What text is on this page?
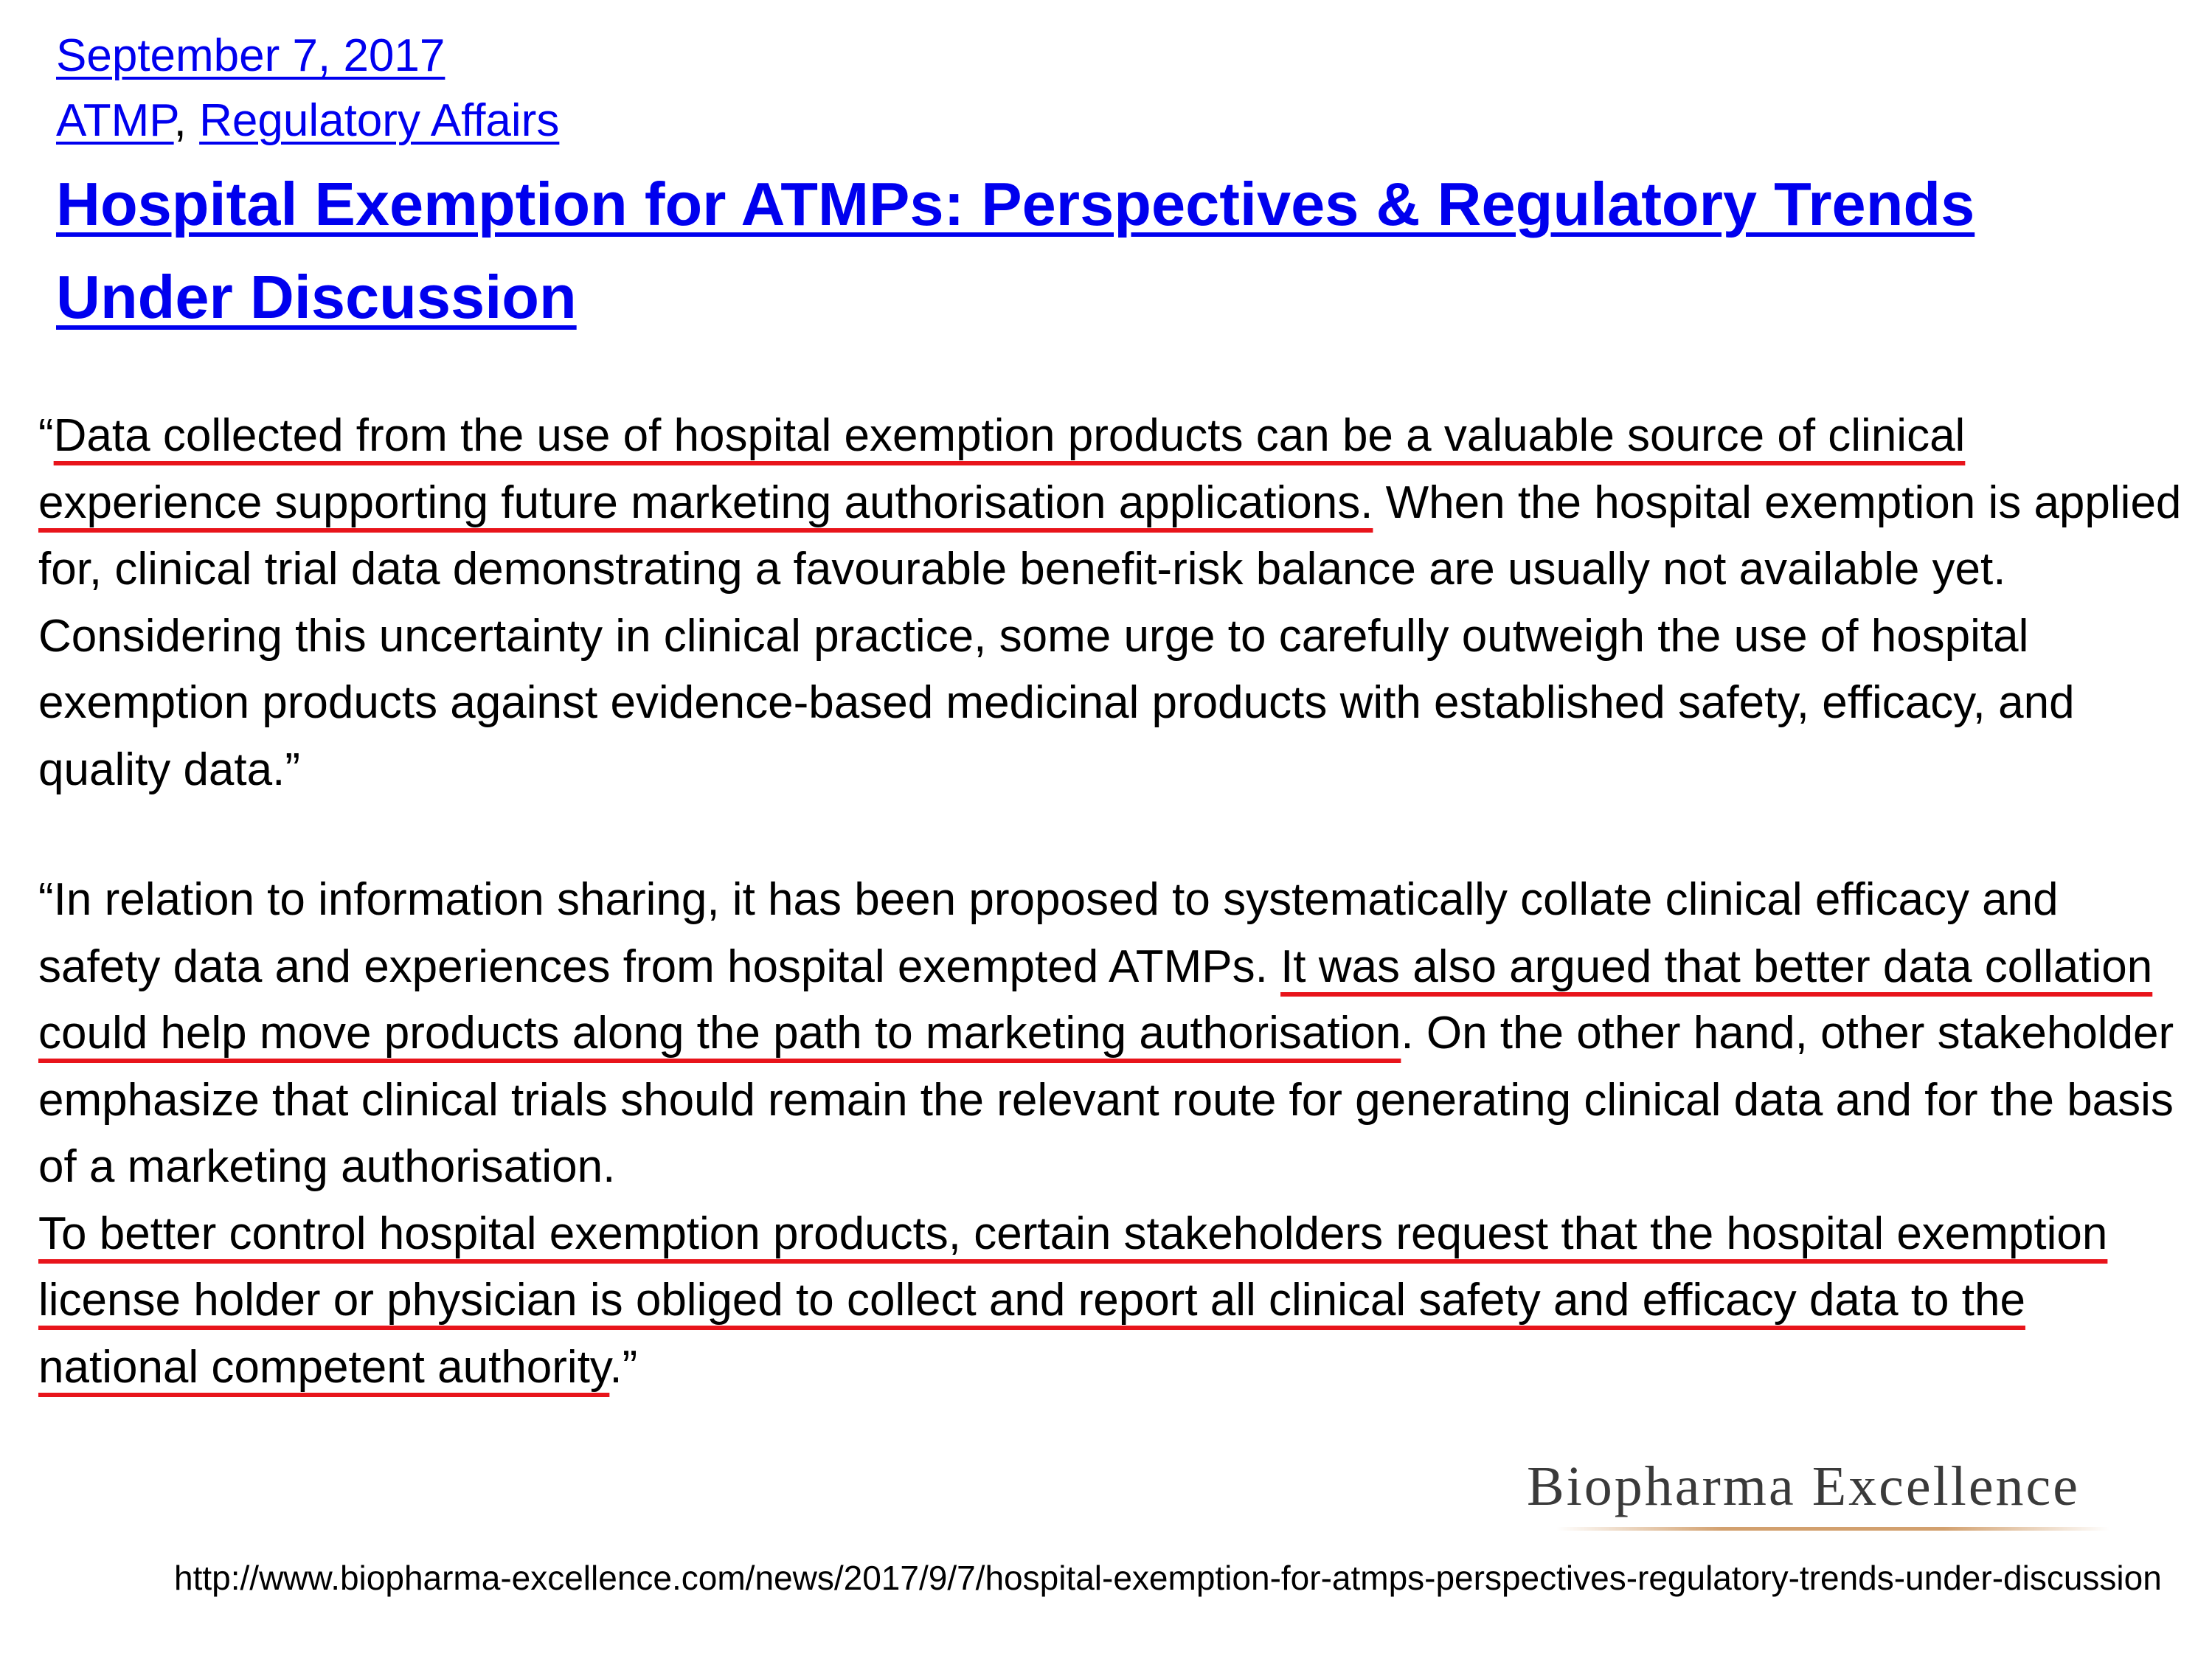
September 7, 2017
ATMP, Regulatory Affairs
Hospital Exemption for ATMPs: Perspectives & Regulatory Trends Under Discussion

“Data collected from the use of hospital exemption products can be a valuable source of clinical experience supporting future marketing authorisation applications. When the hospital exemption is applied for, clinical trial data demonstrating a favourable benefit-risk balance are usually not available yet. Considering this uncertainty in clinical practice, some urge to carefully outweigh the use of hospital exemption products against evidence-based medicinal products with established safety, efficacy, and quality data.”

“In relation to information sharing, it has been proposed to systematically collate clinical efficacy and safety data and experiences from hospital exempted ATMPs. It was also argued that better data collation could help move products along the path to marketing authorisation. On the other hand, other stakeholder emphasize that clinical trials should remain the relevant route for generating clinical data and for the basis of a marketing authorisation.
To better control hospital exemption products, certain stakeholders request that the hospital exemption license holder or physician is obliged to collect and report all clinical safety and efficacy data to the national competent authority.”

Biopharma Excellence
http://www.biopharma-excellence.com/news/2017/9/7/hospital-exemption-for-atmps-perspectives-regulatory-trends-under-discussion
